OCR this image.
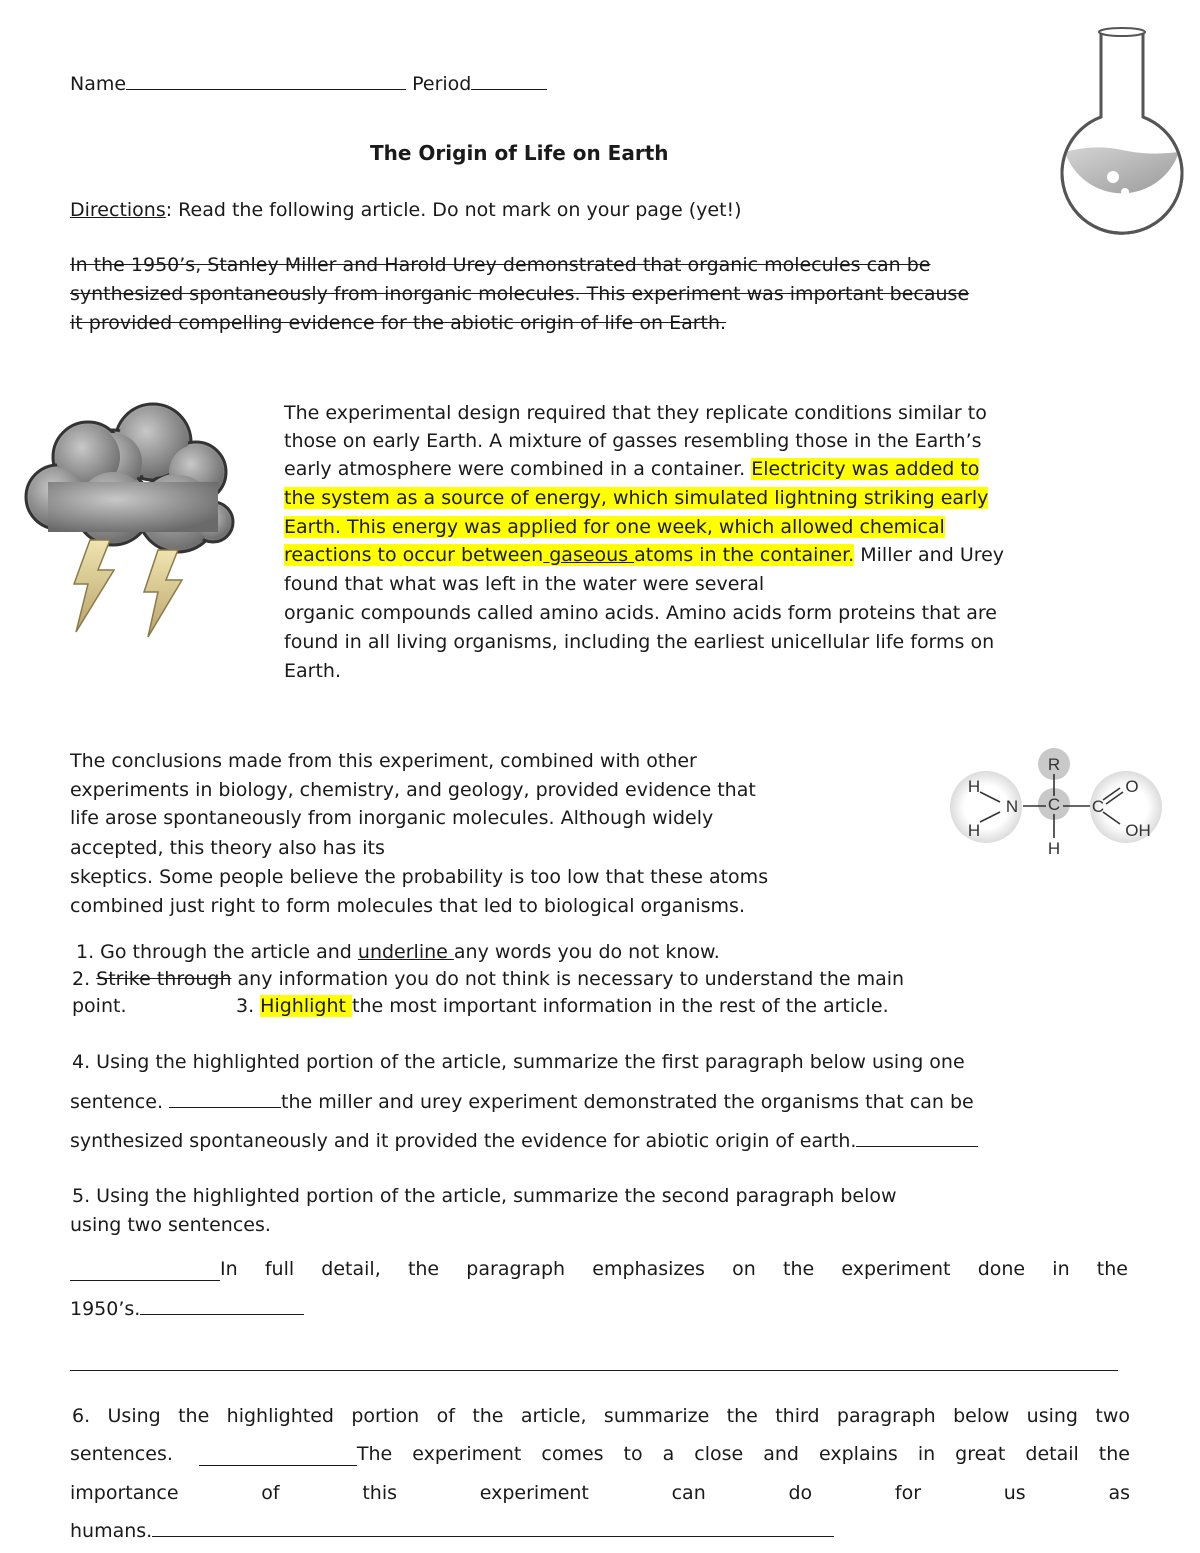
Name	Period
The Origin of Life on Earth
Directions: Read the following article. Do not mark on your page (yet!)
In the 1950’s, Stanley Miller and Harold Urey demonstrated that organic molecules can be
synthesized spontaneously from inorganic molecules. This experiment was important because
it provided compelling evidence for the abiotic origin of life on Earth.
The experimental design required that they replicate conditions similar to
those on early Earth. A mixture of gasses resembling those in the Earth’s
early atmosphere were combined in a container. Electricity was added to
the system as a source of energy, which simulated lightning striking early
Earth. This energy was applied for one week, which allowed chemical
reactions to occur between gaseous atoms in the container. Miller and Urey
found that what was left in the water were several
organic compounds called amino acids. Amino acids form proteins that are
found in all living organisms, including the earliest unicellular life forms on
Earth.
The conclusions made from this experiment, combined with other
experiments in biology, chemistry, and geology, provided evidence that
life arose spontaneously from inorganic molecules. Although widely
accepted, this theory also has its
skeptics. Some people believe the probability is too low that these atoms
combined just right to form molecules that led to biological organisms.
R
H
H
N C
H
C
O
OH
1. Go through the article and underline any words you do not know.
2. Strike through any information you do not think is necessary to understand the main
point.	3. Highlight the most important information in the rest of the article.
4. Using the highlighted portion of the article, summarize the first paragraph below using one
sentence.	the miller and urey experiment demonstrated the organisms that can be
synthesized spontaneously and it provided the evidence for abiotic origin of earth.
5. Using the highlighted portion of the article, summarize the second paragraph below
using two sentences.
In full detail, the paragraph emphasizes on the experiment done in the
1950’s.
6. Using the highlighted portion of the article, summarize the third paragraph below using two
sentences.	The experiment comes to a close and explains in great detail the
importance of this experiment can do for us as
humans.
